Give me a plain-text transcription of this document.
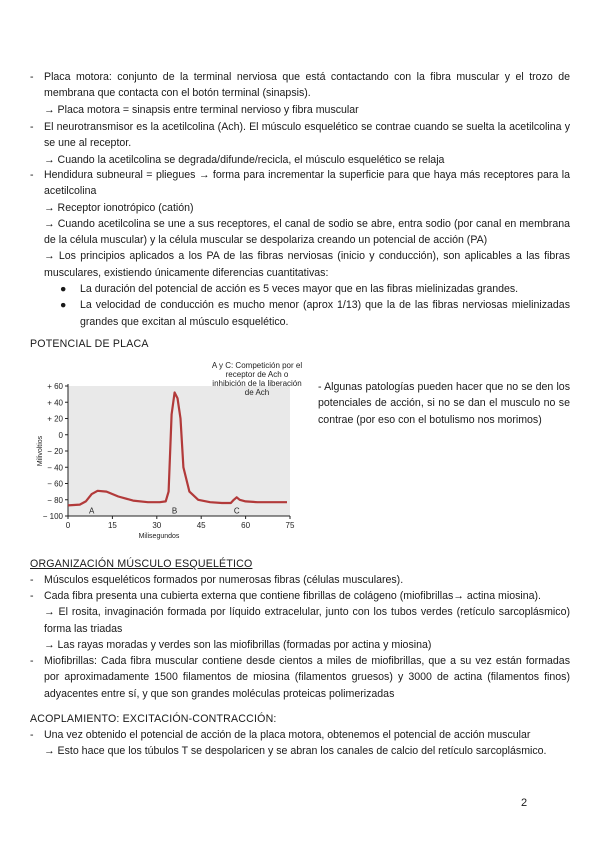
- Placa motora: conjunto de la terminal nerviosa que está contactando con la fibra muscular y el trozo de membrana que contacta con el botón terminal (sinapsis).
→ Placa motora = sinapsis entre terminal nervioso y fibra muscular
- El neurotransmisor es la acetilcolina (Ach). El músculo esquelético se contrae cuando se suelta la acetilcolina y se une al receptor.
→ Cuando la acetilcolina se degrada/difunde/recicla, el músculo esquelético se relaja
- Hendidura subneural = pliegues → forma para incrementar la superficie para que haya más receptores para la acetilcolina
→ Receptor ionotrópico (catión)
→ Cuando acetilcolina se une a sus receptores, el canal de sodio se abre, entra sodio (por canal en membrana de la célula muscular) y la célula muscular se despolariza creando un potencial de acción (PA)
→ Los principios aplicados a los PA de las fibras nerviosas (inicio y conducción), son aplicables a las fibras musculares, existiendo únicamente diferencias cuantitativas:
● La duración del potencial de acción es 5 veces mayor que en las fibras mielinizadas grandes.
● La velocidad de conducción es mucho menor (aprox 1/13) que la de las fibras nerviosas mielinizadas grandes que excitan al músculo esquelético.
POTENCIAL DE PLACA
+ 60
+ 40
+ 20
0
− 20
− 40
− 60
− 80
− 100
0	15	30	45	60	75
Milisegundos
Milivoltios
A	B	C
A y C: Competición por el
receptor de Ach o
inhibición de la liberación
de Ach	- Algunas patologías pueden hacer que no se den los potenciales de acción, si no se dan el musculo no se contrae (por eso con el botulismo nos morimos)
ORGANIZACIÓN MÚSCULO ESQUELÉTICO
- Músculos esqueléticos formados por numerosas fibras (células musculares).
- Cada fibra presenta una cubierta externa que contiene fibrillas de colágeno (miofibrillas→ actina miosina).
→ El rosita, invaginación formada por líquido extracelular, junto con los tubos verdes (retículo sarcoplásmico) forma las triadas
→ Las rayas moradas y verdes son las miofibrillas (formadas por actina y miosina)
- Miofibrillas: Cada fibra muscular contiene desde cientos a miles de miofibrillas, que a su vez están formadas por aproximadamente 1500 filamentos de miosina (filamentos gruesos) y 3000 de actina (filamentos finos) adyacentes entre sí, y que son grandes moléculas proteicas polimerizadas
ACOPLAMIENTO: EXCITACIÓN-CONTRACCIÓN:
- Una vez obtenido el potencial de acción de la placa motora, obtenemos el potencial de acción muscular
→ Esto hace que los túbulos T se despolaricen y se abran los canales de calcio del retículo sarcoplásmico.
2
